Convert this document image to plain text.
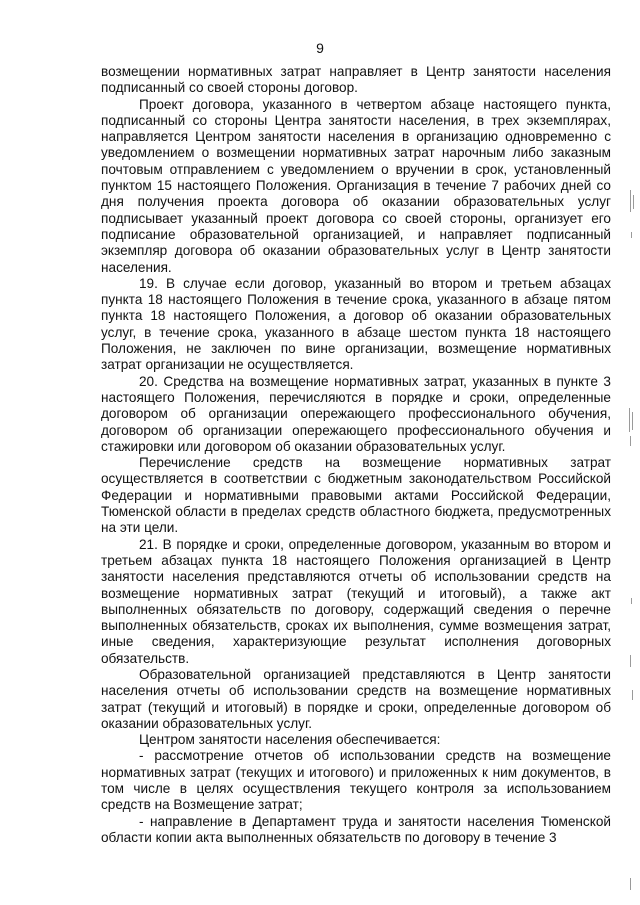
9

возмещении нормативных затрат направляет в Центр занятости населения подписанный со своей стороны договор.

Проект договора, указанного в четвертом абзаце настоящего пункта, подписанный со стороны Центра занятости населения, в трех экземплярах, направляется Центром занятости населения в организацию одновременно с уведомлением о возмещении нормативных затрат нарочным либо заказным почтовым отправлением с уведомлением о вручении в срок, установленный пунктом 15 настоящего Положения. Организация в течение 7 рабочих дней со дня получения проекта договора об оказании образовательных услуг подписывает указанный проект договора со своей стороны, организует его подписание образовательной организацией, и направляет подписанный экземпляр договора об оказании образовательных услуг в Центр занятости населения.

19. В случае если договор, указанный во втором и третьем абзацах пункта 18 настоящего Положения в течение срока, указанного в абзаце пятом пункта 18 настоящего Положения, а договор об оказании образовательных услуг, в течение срока, указанного в абзаце шестом пункта 18 настоящего Положения, не заключен по вине организации, возмещение нормативных затрат организации не осуществляется.

20. Средства на возмещение нормативных затрат, указанных в пункте 3 настоящего Положения, перечисляются в порядке и сроки, определенные договором об организации опережающего профессионального обучения, договором об организации опережающего профессионального обучения и стажировки или договором об оказании образовательных услуг.

Перечисление средств на возмещение нормативных затрат осуществляется в соответствии с бюджетным законодательством Российской Федерации и нормативными правовыми актами Российской Федерации, Тюменской области в пределах средств областного бюджета, предусмотренных на эти цели.

21. В порядке и сроки, определенные договором, указанным во втором и третьем абзацах пункта 18 настоящего Положения организацией в Центр занятости населения представляются отчеты об использовании средств на возмещение нормативных затрат (текущий и итоговый), а также акт выполненных обязательств по договору, содержащий сведения о перечне выполненных обязательств, сроках их выполнения, сумме возмещения затрат, иные сведения, характеризующие результат исполнения договорных обязательств.

Образовательной организацией представляются в Центр занятости населения отчеты об использовании средств на возмещение нормативных затрат (текущий и итоговый) в порядке и сроки, определенные договором об оказании образовательных услуг.

Центром занятости населения обеспечивается:

- рассмотрение отчетов об использовании средств на возмещение нормативных затрат (текущих и итогового) и приложенных к ним документов, в том числе в целях осуществления текущего контроля за использованием средств на Возмещение затрат;

- направление в Департамент труда и занятости населения Тюменской области копии акта выполненных обязательств по договору в течение 3
